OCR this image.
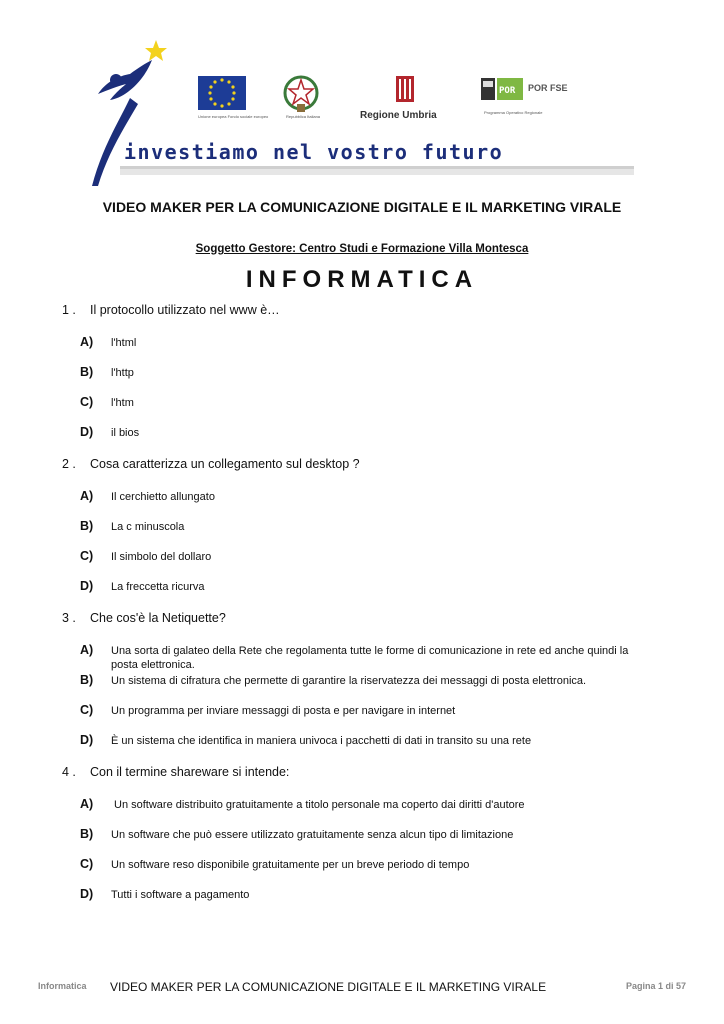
POR
Unione europea Fondo sociale europeo	Repubblica Italiana	Regione Umbria
POR FSE
Programma Operativo Regionale
investiamo nel vostro futuro
VIDEO MAKER PER LA COMUNICAZIONE DIGITALE E IL MARKETING VIRALE
Soggetto Gestore: Centro Studi e Formazione Villa Montesca
INFORMATICA
1 . Il protocollo utilizzato nel www è…
A) l'html
B) l'http
C) l'htm
D) il bios
2 . Cosa caratterizza un collegamento sul desktop ?
A) Il cerchietto allungato
B) La c minuscola
C) Il simbolo del dollaro
D) La freccetta ricurva
3 . Che cos'è la Netiquette?
A) Una sorta di galateo della Rete che regolamenta tutte le forme di comunicazione in rete ed anche quindi la posta elettronica.
B) Un sistema di cifratura che permette di garantire la riservatezza dei messaggi di posta elettronica.
C) Un programma per inviare messaggi di posta e per navigare in internet
D) È un sistema che identifica in maniera univoca i pacchetti di dati in transito su una rete
4 . Con il termine shareware si intende:
A) Un software distribuito gratuitamente a titolo personale ma coperto dai diritti d'autore
B) Un software che può essere utilizzato gratuitamente senza alcun tipo di limitazione
C) Un software reso disponibile gratuitamente per un breve periodo di tempo
D) Tutti i software a pagamento
Informatica VIDEO MAKER PER LA COMUNICAZIONE DIGITALE E IL MARKETING VIRALE	Pagina 1 di 57
